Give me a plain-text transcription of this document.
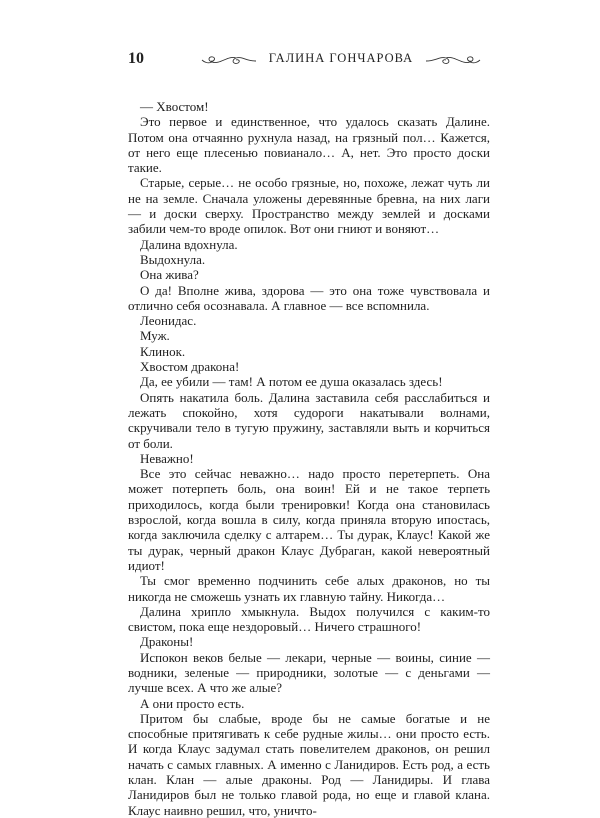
10	ГАЛИНА ГОНЧАРОВА

— Хвостом!

Это первое и единственное, что удалось сказать Далине. Потом она отчаянно рухнула назад, на грязный пол… Кажется, от него еще плесенью повианало… А, нет. Это просто доски такие.

Старые, серые… не особо грязные, но, похоже, лежат чуть ли не на земле. Сначала уложены деревянные бревна, на них лаги — и доски сверху. Пространство между землей и досками забили чем-то вроде опилок. Вот они гниют и воняют…

Далина вдохнула.

Выдохнула.

Она жива?

О да! Вполне жива, здорова — это она тоже чувствовала и отлично себя осознавала. А главное — все вспомнила.

Леонидас.

Муж.

Клинок.

Хвостом дракона!

Да, ее убили — там! А потом ее душа оказалась здесь!

Опять накатила боль. Далина заставила себя расслабиться и лежать спокойно, хотя судороги накатывали волнами, скручивали тело в тугую пружину, заставляли выть и корчиться от боли.

Неважно!

Все это сейчас неважно… надо просто перетерпеть. Она может потерпеть боль, она воин! Ей и не такое терпеть приходилось, когда были тренировки! Когда она становилась взрослой, когда вошла в силу, когда приняла вторую ипостась, когда заключила сделку с алтарем… Ты дурак, Клаус! Какой же ты дурак, черный дракон Клаус Дубраган, какой невероятный идиот!

Ты смог временно подчинить себе алых драконов, но ты никогда не сможешь узнать их главную тайну. Никогда…

Далина хрипло хмыкнула. Выдох получился с каким-то свистом, пока еще нездоровый… Ничего страшного!

Драконы!

Испокон веков белые — лекари, черные — воины, синие — водники, зеленые — природники, золотые — с деньгами — лучше всех. А что же алые?

А они просто есть.

Притом бы слабые, вроде бы не самые богатые и не способные притягивать к себе рудные жилы… они просто есть. И когда Клаус задумал стать повелителем драконов, он решил начать с самых главных. А именно с Ланидиров. Есть род, а есть клан. Клан — алые драконы. Род — Ланидиры. И глава Ланидиров был не только главой рода, но еще и главой клана. Клаус наивно решил, что, уничто-
